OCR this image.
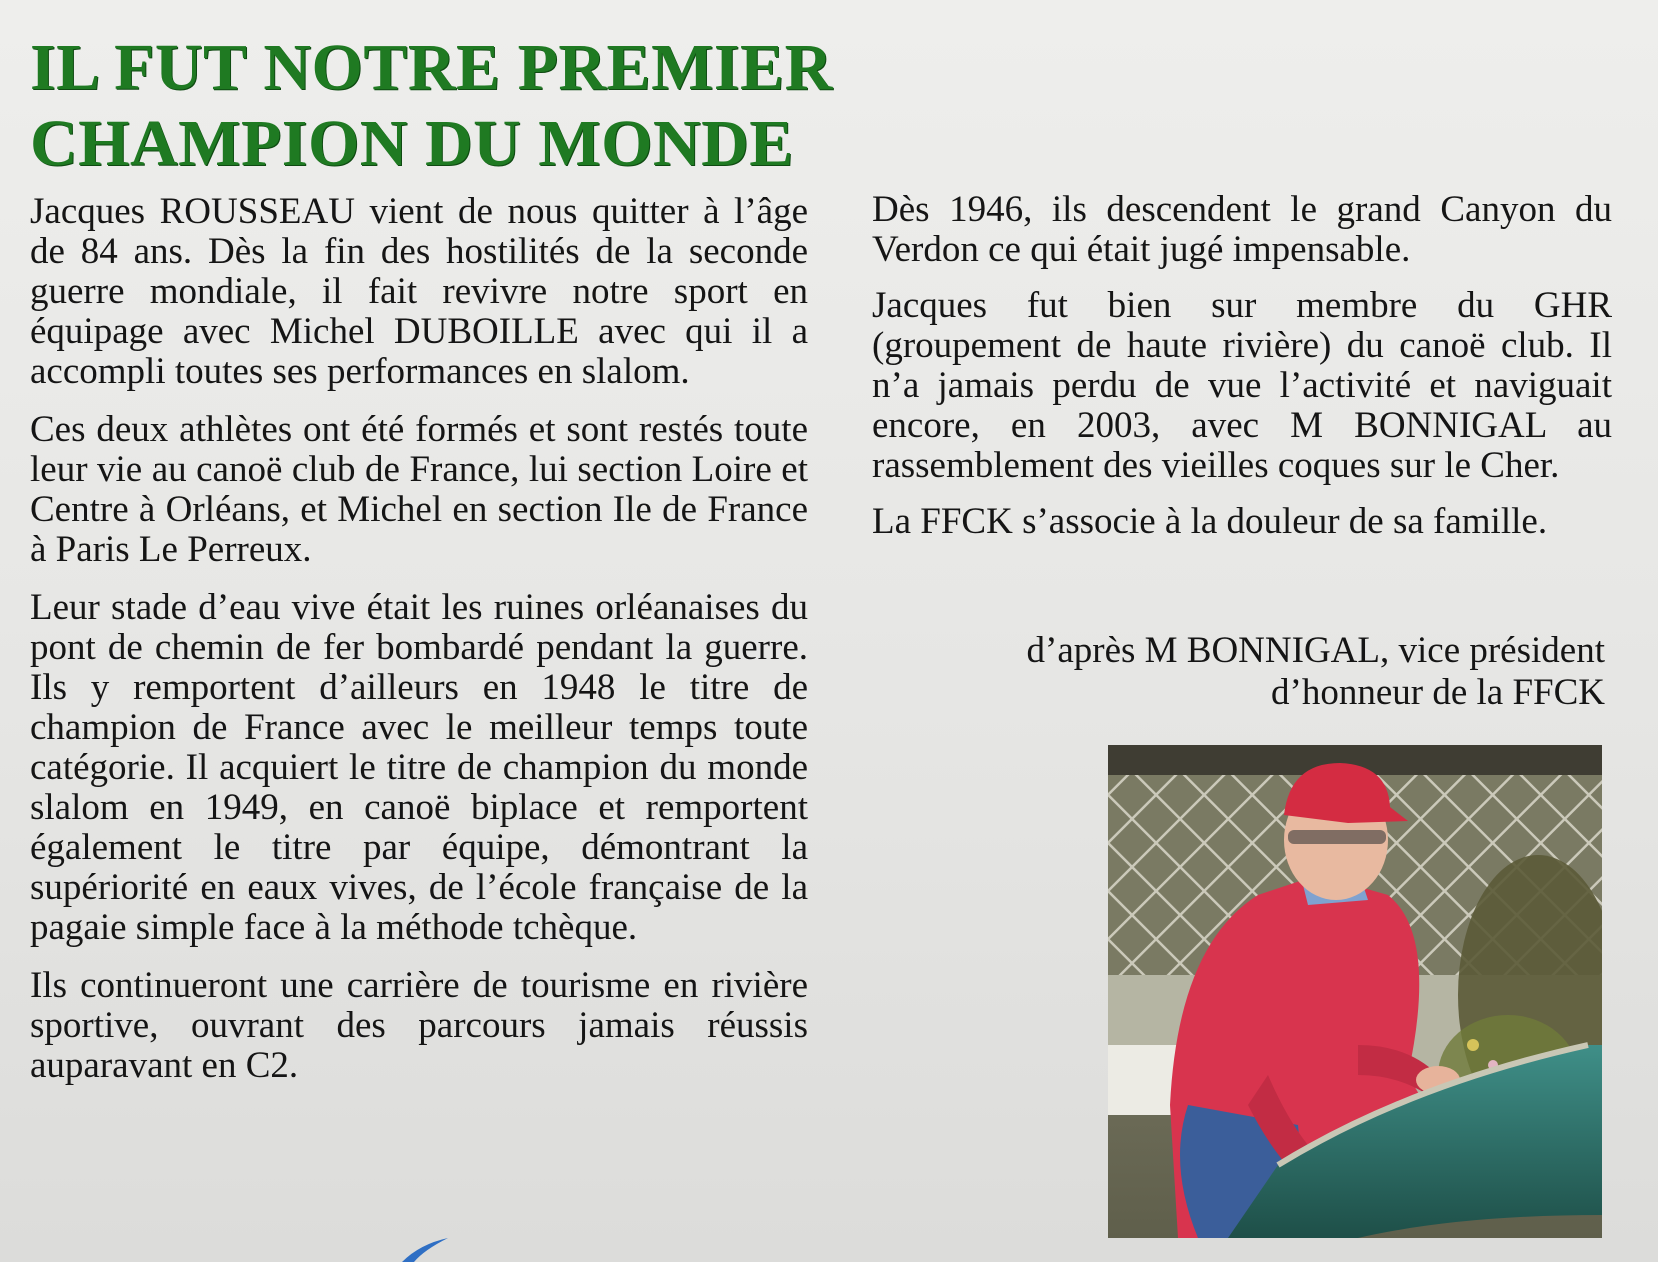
IL FUT NOTRE PREMIER
CHAMPION DU MONDE

Jacques ROUSSEAU vient de nous quitter à l’âge de 84 ans. Dès la fin des hostilités de la seconde guerre mondiale, il fait revivre notre sport en équipage avec Michel DUBOILLE avec qui il a accompli toutes ses performances en slalom.

Ces deux athlètes ont été formés et sont restés toute leur vie au canoë club de France, lui section Loire et Centre à Orléans, et Michel en section Ile de France à Paris Le Perreux.

Leur stade d’eau vive était les ruines orléanaises du pont de chemin de fer bombardé pendant la guerre. Ils y remportent d’ailleurs en 1948 le titre de champion de France avec le meilleur temps toute catégorie. Il acquiert le titre de champion du monde slalom en 1949, en canoë biplace et remportent également le titre par équipe, démontrant la supériorité en eaux vives, de l’école française de la pagaie simple face à la méthode tchèque.

Ils continueront une carrière de tourisme en rivière sportive, ouvrant des parcours jamais réussis auparavant en C2.

Dès 1946, ils descendent le grand Canyon du Verdon ce qui était jugé impensable.

Jacques fut bien sur membre du GHR (groupement de haute rivière) du canoë club. Il n’a jamais perdu de vue l’activité et naviguait encore, en 2003, avec M BONNIGAL au rassemblement des vieilles coques sur le Cher.

La FFCK s’associe à la douleur de sa famille.

d’après M BONNIGAL, vice président
d’honneur de la FFCK
